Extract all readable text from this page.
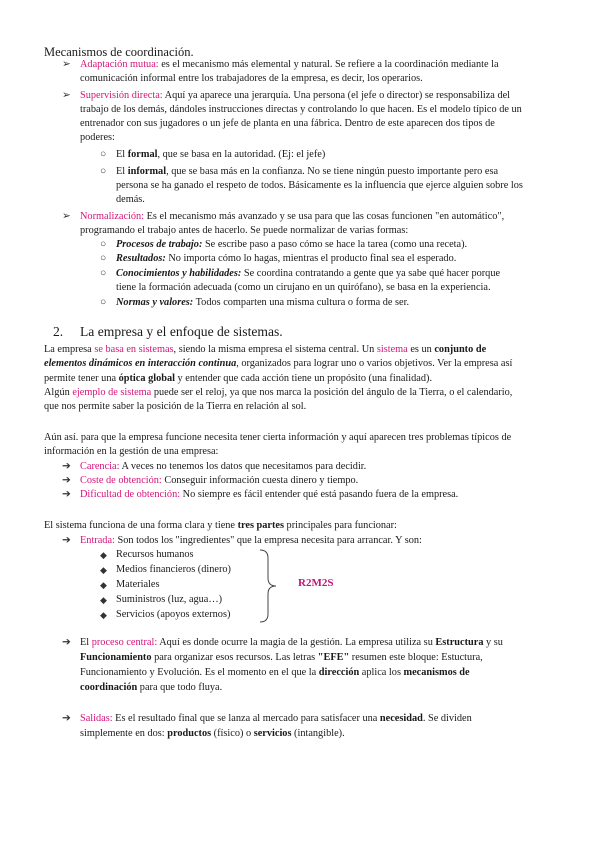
Mecanismos de coordinación.
➢ Adaptación mutua: es el mecanismo más elemental y natural. Se refiere a la coordinación mediante la
comunicación informal entre los trabajadores de la empresa, es decir, los operarios.
➢ Supervisión directa: Aquí ya aparece una jerarquía. Una persona (el jefe o director) se responsabiliza del
trabajo de los demás, dándoles instrucciones directas y controlando lo que hacen. Es el modelo típico de un
entrenador con sus jugadores o un jefe de planta en una fábrica. Dentro de este aparecen dos tipos de
poderes:
○ El formal, que se basa en la autoridad. (Ej: el jefe)
○ El informal, que se basa más en la confianza. No se tiene ningún puesto importante pero esa
persona se ha ganado el respeto de todos. Básicamente es la influencia que ejerce alguien sobre los
demás.
➢ Normalización: Es el mecanismo más avanzado y se usa para que las cosas funcionen "en automático",
programando el trabajo antes de hacerlo. Se puede normalizar de varias formas:
○ Procesos de trabajo: Se escribe paso a paso cómo se hace la tarea (como una receta).
○ Resultados: No importa cómo lo hagas, mientras el producto final sea el esperado.
○ Conocimientos y habilidades: Se coordina contratando a gente que ya sabe qué hacer porque
tiene la formación adecuada (como un cirujano en un quirófano), se basa en la experiencia.
○ Normas y valores: Todos comparten una misma cultura o forma de ser.
2. La empresa y el enfoque de sistemas.
La empresa se basa en sistemas, siendo la misma empresa el sistema central. Un sistema es un conjunto de
elementos dinámicos en interacción continua, organizados para lograr uno o varios objetivos. Ver la empresa así
permite tener una óptica global y entender que cada acción tiene un propósito (una finalidad).
Algún ejemplo de sistema puede ser el reloj, ya que nos marca la posición del ángulo de la Tierra, o el calendario,
que nos permite saber la posición de la Tierra en relación al sol.
Aún así. para que la empresa funcione necesita tener cierta información y aquí aparecen tres problemas típicos de
información en la gestión de una empresa:
➔ Carencia: A veces no tenemos los datos que necesitamos para decidir.
➔ Coste de obtención: Conseguir información cuesta dinero y tiempo.
➔ Dificultad de obtención: No siempre es fácil entender qué está pasando fuera de la empresa.
El sistema funciona de una forma clara y tiene tres partes principales para funcionar:
➔ Entrada: Son todos los "ingredientes" que la empresa necesita para arrancar. Y son:
◆ Recursos humanos
◆ Medios financieros (dinero)
◆ Materiales
◆ Suministros (luz, agua…)
◆ Servicios (apoyos externos)
R2M2S
➔ El proceso central: Aquí es donde ocurre la magia de la gestión. La empresa utiliza su Estructura y su
Funcionamiento para organizar esos recursos. Las letras "EFE" resumen este bloque: Estuctura,
Funcionamiento y Evolución. Es el momento en el que la dirección aplica los mecanismos de
coordinación para que todo fluya.
➔ Salidas: Es el resultado final que se lanza al mercado para satisfacer una necesidad. Se dividen
simplemente en dos: productos (físico) o servicios (intangible).
